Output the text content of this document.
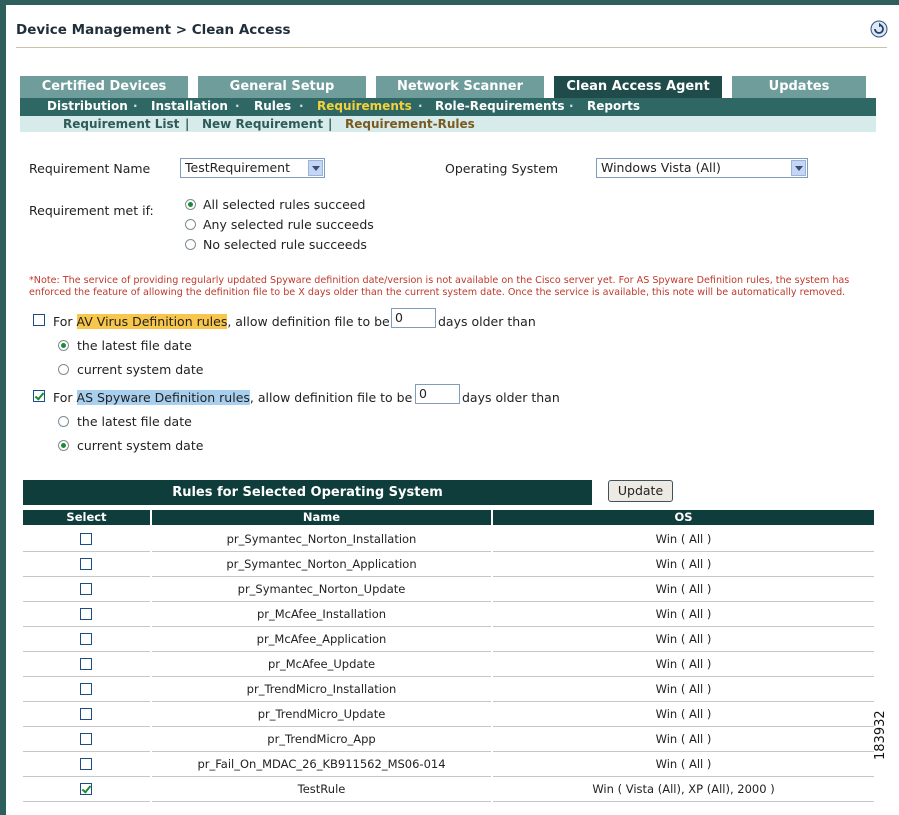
Device Management > Clean Access
Certified Devices	General Setup	Network Scanner	Clean Access Agent	Updates
Distribution · Installation · Rules · Requirements · Role-Requirements · Reports
Requirement List | New Requirement | Requirement-Rules
Requirement Name	TestRequirement	Operating System	Windows Vista (All)
Requirement met if:	All selected rules succeed
Any selected rule succeeds
No selected rule succeeds
*Note: The service of providing regularly updated Spyware definition date/version is not available on the Cisco server yet. For AS Spyware Definition rules, the system has enforced the feature of allowing the definition file to be X days older than the current system date. Once the service is available, this note will be automatically removed.
For AV Virus Definition rules, allow definition file to be 0	days older than
the latest file date
current system date
For AS Spyware Definition rules, allow definition file to be 0	days older than
the latest file date
current system date
Rules for Selected Operating System	Update
Select	Name	OS
pr_Symantec_Norton_Installation	Win ( All )
pr_Symantec_Norton_Application	Win ( All )
pr_Symantec_Norton_Update	Win ( All )
pr_McAfee_Installation	Win ( All )
pr_McAfee_Application	Win ( All )
pr_McAfee_Update	Win ( All )
pr_TrendMicro_Installation	Win ( All )
pr_TrendMicro_Update	Win ( All )
pr_TrendMicro_App	Win ( All )
pr_Fail_On_MDAC_26_KB911562_MS06-014	Win ( All )
TestRule	Win ( Vista (All), XP (All), 2000 )
183932
